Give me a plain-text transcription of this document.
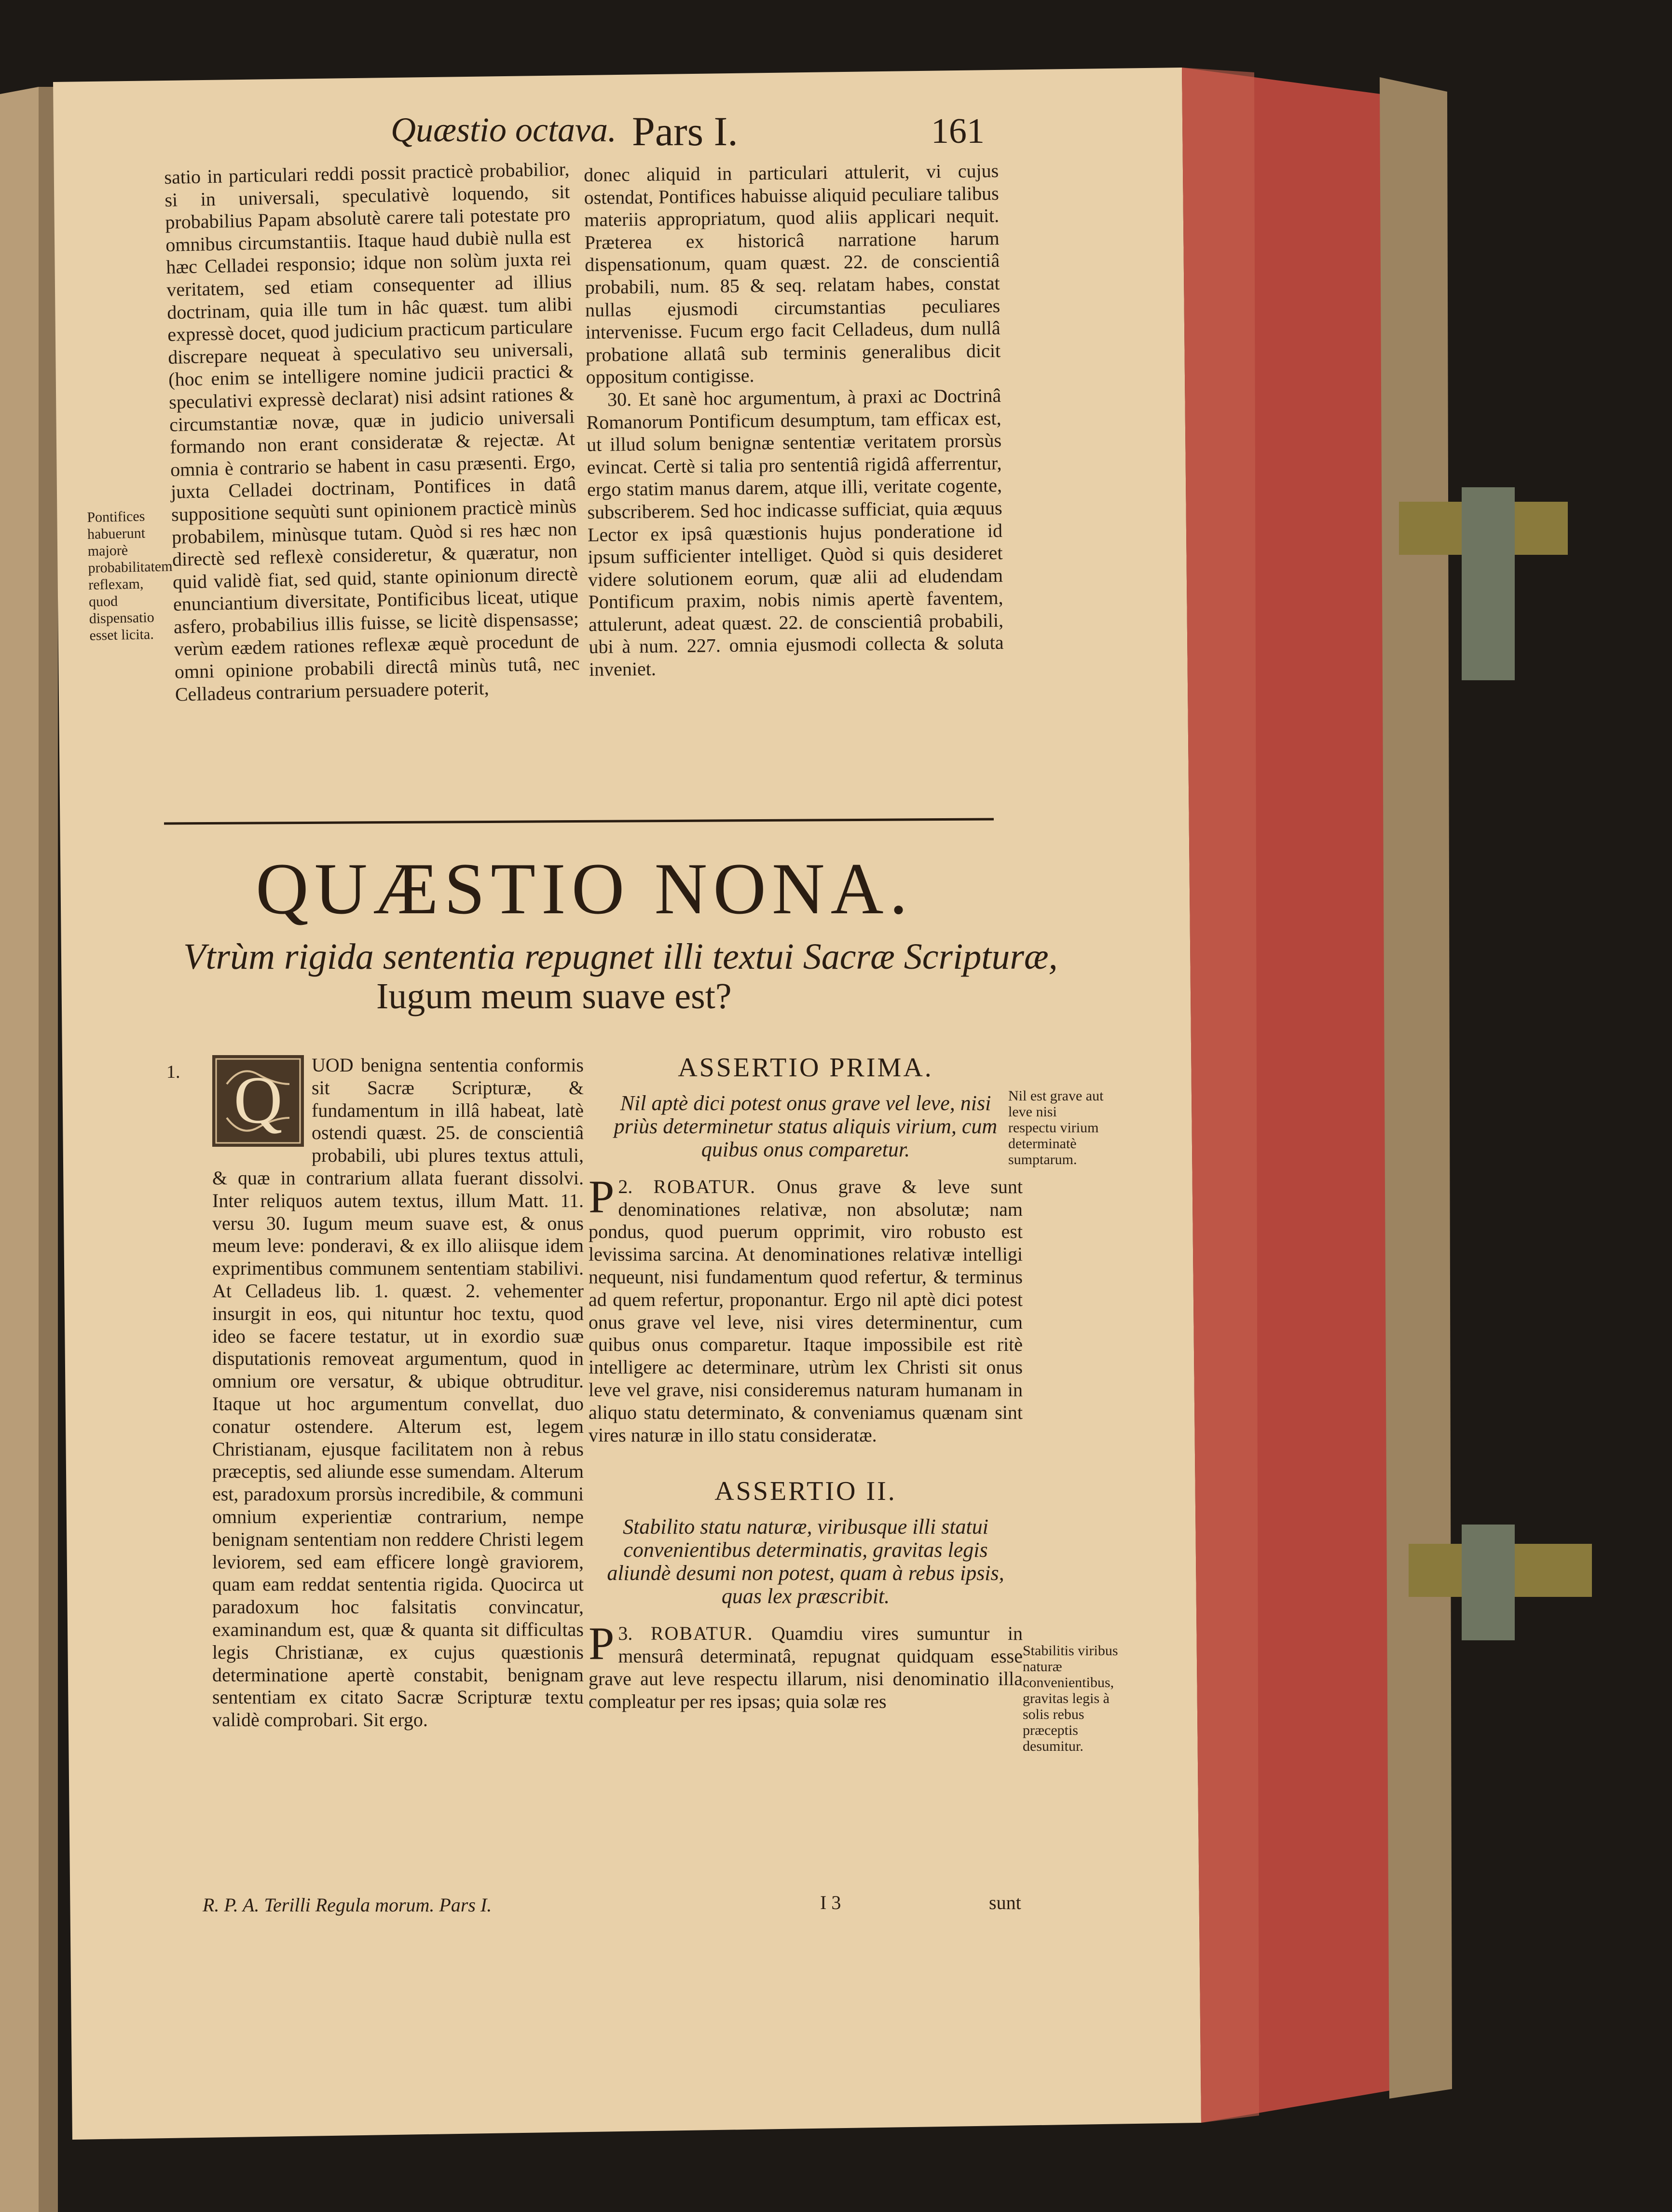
Quæstio octava. Pars I.	161

satio in particulari reddi possit practicè probabilior, si in universali, speculativè loquendo, sit probabilius Papam absolutè carere tali potestate pro omnibus circumstantiis. Itaque haud dubiè nulla est hæc Celladei responsio; idque non solùm juxta rei veritatem, sed etiam consequenter ad illius doctrinam, quia ille tum in hâc quæst. tum alibi expressè docet, quod judicium practicum particulare discrepare nequeat à speculativo seu universali, (hoc enim se intelligere nomine judicii practici & speculativi expressè declarat) nisi adsint rationes & circumstantiæ novæ, quæ in judicio universali formando non erant consideratæ & rejectæ. At omnia è contrario se habent in casu præsenti. Ergo, juxta Celladei doctrinam, Pontifices in datâ suppositione sequùti sunt opinionem practicè minùs probabilem, minùsque tutam. Quòd si res hæc non directè sed reflexè consideretur, & quæratur, non quid validè fiat, sed quid, stante opinionum directè enunciantium diversitate, Pontificibus liceat, utique asfero, probabilius illis fuisse, se licitè dispensasse; verùm eædem rationes reflexæ æquè procedunt de omni opinione probabili directâ minùs tutâ, nec Celladeus contrarium persuadere poterit,

Pontifices habuerunt majorè probabilitatem reflexam, quod dispensatio esset licita.

donec aliquid in particulari attulerit, vi cujus ostendat, Pontifices habuisse aliquid peculiare talibus materiis appropriatum, quod aliis applicari nequit. Præterea ex historicâ narratione harum dispensationum, quam quæst. 22. de conscientiâ probabili, num. 85 & seq. relatam habes, constat nullas ejusmodi circumstantias peculiares intervenisse. Fucum ergo facit Celladeus, dum nullâ probatione allatâ sub terminis generalibus dicit oppositum contigisse.

30. Et sanè hoc argumentum, à praxi ac Doctrinâ Romanorum Pontificum desumptum, tam efficax est, ut illud solum benignæ sententiæ veritatem prorsùs evincat. Certè si talia pro sententiâ rigidâ afferrentur, ergo statim manus darem, atque illi, veritate cogente, subscriberem. Sed hoc indicasse sufficiat, quia æquus Lector ex ipsâ quæstionis hujus ponderatione id ipsum sufficienter intelliget. Quòd si quis desideret videre solutionem eorum, quæ alii ad eludendam Pontificum praxim, nobis nimis apertè faventem, attulerunt, adeat quæst. 22. de conscientiâ probabili, ubi à num. 227. omnia ejusmodi collecta & soluta inveniet.

QUÆSTIO NONA.
Vtrùm rigida sententia repugnet illi textui Sacræ Scripturæ,
Iugum meum suave est?
1. Q	UOD benigna sententia conformis sit Sacræ Scripturæ, & fundamentum in illâ habeat, latè ostendi quæst. 25. de conscientiâ probabili, ubi plures textus attuli, & quæ in contrarium allata fuerant dissolvi. Inter reliquos autem textus, illum Matt. 11. versu 30. Iugum meum suave est, & onus meum leve: ponderavi, & ex illo aliisque idem exprimentibus communem sententiam stabilivi. At Celladeus lib. 1. quæst. 2. vehementer insurgit in eos, qui nituntur hoc textu, quod ideo se facere testatur, ut in exordio suæ disputationis removeat argumentum, quod in omnium ore versatur, & ubique obtruditur. Itaque ut hoc argumentum convellat, duo conatur ostendere. Alterum est, legem Christianam, ejusque facilitatem non à rebus præceptis, sed aliunde esse sumendam. Alterum est, paradoxum prorsùs incredibile, & communi omnium experientiæ contrarium, nempe benignam sententiam non reddere Christi legem leviorem, sed eam efficere longè graviorem, quam eam reddat sententia rigida. Quocirca ut paradoxum hoc falsitatis convincatur, examinandum est, quæ & quanta sit difficultas legis Christianæ, ex cujus quæstionis determinatione apertè constabit, benignam sententiam ex citato Sacræ Scripturæ textu validè comprobari. Sit ergo.

ASSERTIO PRIMA.
Nil aptè dici potest onus grave vel leve, nisi priùs determinetur status aliquis virium, cum quibus onus comparetur.

2.
P ROBATUR. Onus grave & leve sunt denominationes relativæ, non absolutæ; nam pondus, quod puerum opprimit, viro robusto est levissima sarcina. At denominationes relativæ intelligi nequeunt, nisi fundamentum quod refertur, & terminus ad quem refertur, proponantur. Ergo nil aptè dici potest onus grave vel leve, nisi vires determinentur, cum quibus onus comparetur. Itaque impossibile est ritè intelligere ac determinare, utrùm lex Christi sit onus leve vel grave, nisi consideremus naturam humanam in aliquo statu determinato, & conveniamus quænam sint vires naturæ in illo statu consideratæ.

ASSERTIO II.
Stabilito statu naturæ, viribusque illi statui convenientibus determinatis, gravitas legis aliundè desumi non potest, quam à rebus ipsis, quas lex præscribit.

3.
P ROBATUR. Quamdiu vires sumuntur in mensurâ determinatâ, repugnat quidquam esse grave aut leve respectu illarum, nisi denominatio illa compleatur per res ipsas; quia solæ res

Nil est grave aut leve nisi respectu virium determinatè sumptarum.
Stabilitis viribus naturæ convenientibus, gravitas legis à solis rebus præceptis desumitur.
R. P. A. Terilli Regula morum. Pars I.	I 3	sunt
